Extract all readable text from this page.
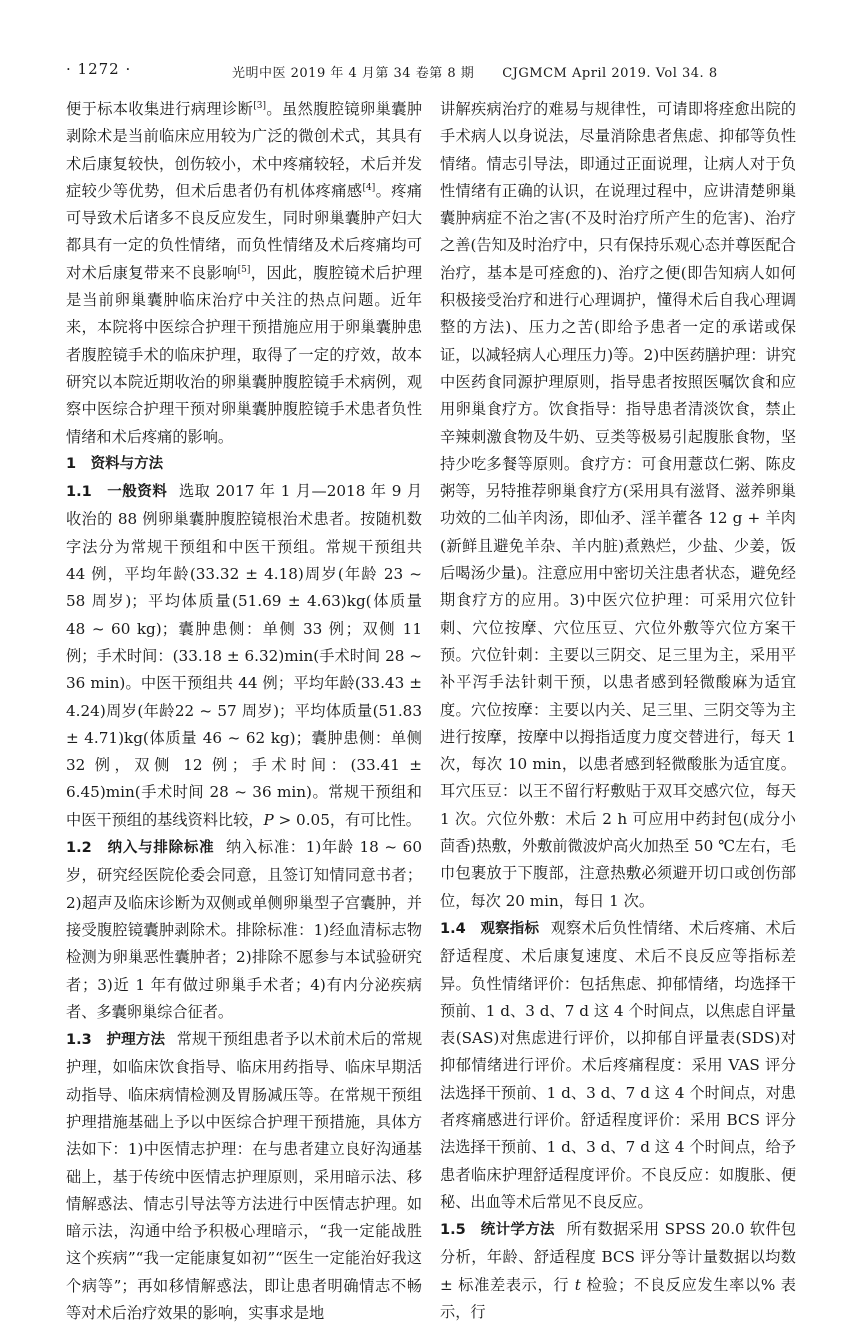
· 1272 ·	光明中医 2019 年 4 月第 34 卷第 8 期 CJGMCM April 2019. Vol 34. 8

便于标本收集进行病理诊断[3]。虽然腹腔镜卵巢囊肿剥除术是当前临床应用较为广泛的微创术式，其具有术后康复较快，创伤较小，术中疼痛较轻，术后并发症较少等优势，但术后患者仍有机体疼痛感[4]。疼痛可导致术后诸多不良反应发生，同时卵巢囊肿产妇大都具有一定的负性情绪，而负性情绪及术后疼痛均可对术后康复带来不良影响[5]，因此，腹腔镜术后护理是当前卵巢囊肿临床治疗中关注的热点问题。近年来，本院将中医综合护理干预措施应用于卵巢囊肿患者腹腔镜手术的临床护理，取得了一定的疗效，故本研究以本院近期收治的卵巢囊肿腹腔镜手术病例，观察中医综合护理干预对卵巢囊肿腹腔镜手术患者负性情绪和术后疼痛的影响。

1　资料与方法

1.1　一般资料 选取 2017 年 1 月—2018 年 9 月收治的 88 例卵巢囊肿腹腔镜根治术患者。按随机数字法分为常规干预组和中医干预组。常规干预组共 44 例，平均年龄(33.32 ± 4.18)周岁(年龄 23 ~ 58 周岁)；平均体质量(51.69 ± 4.63)kg(体质量 48 ~ 60 kg)；囊肿患侧：单侧 33 例；双侧 11 例；手术时间：(33.18 ± 6.32)min(手术时间 28 ~ 36 min)。中医干预组共 44 例；平均年龄(33.43 ± 4.24)周岁(年龄22 ~ 57 周岁)；平均体质量(51.83 ± 4.71)kg(体质量 46 ~ 62 kg)；囊肿患侧：单侧 32 例，双侧 12 例；手术时间：(33.41 ± 6.45)min(手术时间 28 ~ 36 min)。常规干预组和中医干预组的基线资料比较，P > 0.05，有可比性。

1.2　纳入与排除标准 纳入标准：1)年龄 18 ~ 60 岁，研究经医院伦委会同意，且签订知情同意书者；2)超声及临床诊断为双侧或单侧卵巢型子宫囊肿，并接受腹腔镜囊肿剥除术。排除标准：1)经血清标志物检测为卵巢恶性囊肿者；2)排除不愿参与本试验研究者；3)近 1 年有做过卵巢手术者；4)有内分泌疾病者、多囊卵巢综合征者。

1.3　护理方法 常规干预组患者予以术前术后的常规护理，如临床饮食指导、临床用药指导、临床早期活动指导、临床病情检测及胃肠减压等。在常规干预组护理措施基础上予以中医综合护理干预措施，具体方法如下：1)中医情志护理：在与患者建立良好沟通基础上，基于传统中医情志护理原则，采用暗示法、移情解惑法、情志引导法等方法进行中医情志护理。如暗示法，沟通中给予积极心理暗示，“我一定能战胜这个疾病”“我一定能康复如初”“医生一定能治好我这个病等”；再如移情解惑法，即让患者明确情志不畅等对术后治疗效果的影响，实事求是地

讲解疾病治疗的难易与规律性，可请即将痊愈出院的手术病人以身说法，尽量消除患者焦虑、抑郁等负性情绪。情志引导法，即通过正面说理，让病人对于负性情绪有正确的认识，在说理过程中，应讲清楚卵巢囊肿病症不治之害(不及时治疗所产生的危害)、治疗之善(告知及时治疗中，只有保持乐观心态并尊医配合治疗，基本是可痊愈的)、治疗之便(即告知病人如何积极接受治疗和进行心理调护，懂得术后自我心理调整的方法)、压力之苦(即给予患者一定的承诺或保证，以减轻病人心理压力)等。2)中医药膳护理：讲究中医药食同源护理原则，指导患者按照医嘱饮食和应用卵巢食疗方。饮食指导：指导患者清淡饮食，禁止辛辣刺激食物及牛奶、豆类等极易引起腹胀食物，坚持少吃多餐等原则。食疗方：可食用薏苡仁粥、陈皮粥等，另特推荐卵巢食疗方(采用具有滋肾、滋养卵巢功效的二仙羊肉汤，即仙矛、淫羊藿各 12 g + 羊肉(新鲜且避免羊杂、羊内脏)煮熟烂，少盐、少姜，饭后喝汤少量)。注意应用中密切关注患者状态，避免经期食疗方的应用。3)中医穴位护理：可采用穴位针刺、穴位按摩、穴位压豆、穴位外敷等穴位方案干预。穴位针刺：主要以三阴交、足三里为主，采用平补平泻手法针刺干预，以患者感到轻微酸麻为适宜度。穴位按摩：主要以内关、足三里、三阴交等为主进行按摩，按摩中以拇指适度力度交替进行，每天 1 次，每次 10 min，以患者感到轻微酸胀为适宜度。耳穴压豆：以王不留行籽敷贴于双耳交感穴位，每天 1 次。穴位外敷：术后 2 h 可应用中药封包(成分小茴香)热敷，外敷前微波炉高火加热至 50 ℃左右，毛巾包裹放于下腹部，注意热敷必须避开切口或创伤部位，每次 20 min，每日 1 次。

1.4　观察指标 观察术后负性情绪、术后疼痛、术后舒适程度、术后康复速度、术后不良反应等指标差异。负性情绪评价：包括焦虑、抑郁情绪，均选择干预前、1 d、3 d、7 d 这 4 个时间点，以焦虑自评量表(SAS)对焦虑进行评价，以抑郁自评量表(SDS)对抑郁情绪进行评价。术后疼痛程度：采用 VAS 评分法选择干预前、1 d、3 d、7 d 这 4 个时间点，对患者疼痛感进行评价。舒适程度评价：采用 BCS 评分法选择干预前、1 d、3 d、7 d 这 4 个时间点，给予患者临床护理舒适程度评价。不良反应：如腹胀、便秘、出血等术后常见不良反应。

1.5　统计学方法 所有数据采用 SPSS 20.0 软件包分析，年龄、舒适程度 BCS 评分等计量数据以均数 ± 标准差表示，行 t 检验；不良反应发生率以% 表示，行
